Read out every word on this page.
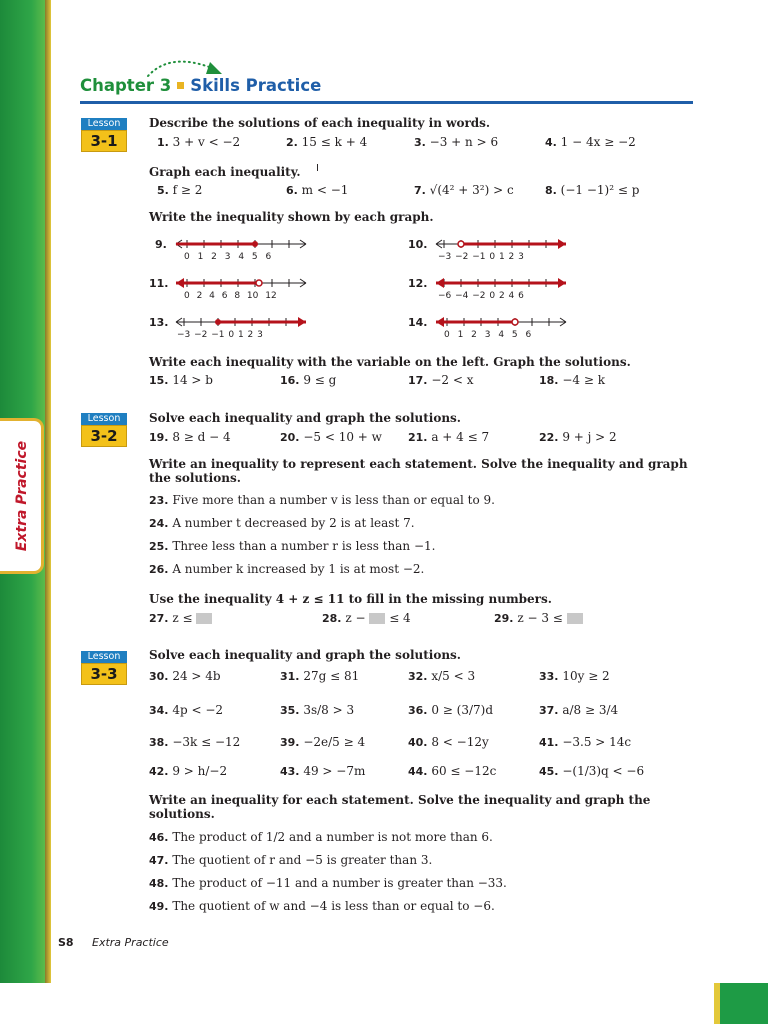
Extra Practice
Chapter 3 Skills Practice
Lesson
3-1
Lesson
3-2
Lesson
3-3
Describe the solutions of each inequality in words.
1. 3 + v < −2	2. 15 ≤ k + 4	3. −3 + n > 6	4. 1 − 4x ≥ −2
Graph each inequality. I
5. f ≥ 2	6. m < −1	7. √(4² + 3²) > c	8. (−1 −1)² ≤ p
Write the inequality shown by each graph.
9.
0 1 2 3 4 5 6
10.
−3 −2 −1 0 1 2 3
11.
0 2 4 6 8 10 12
12.
−6 −4 −2 0 2 4 6
13.
−3 −2 −1 0 1 2 3
14.
0 1 2 3 4 5 6
Write each inequality with the variable on the left. Graph the solutions.
15. 14 > b	16. 9 ≤ g	17. −2 < x	18. −4 ≥ k
Solve each inequality and graph the solutions.
19. 8 ≥ d − 4	20. −5 < 10 + w 21. a + 4 ≤ 7	22. 9 + j > 2
Write an inequality to represent each statement. Solve the inequality and graph
the solutions.
23. Five more than a number v is less than or equal to 9.
24. A number t decreased by 2 is at least 7.
25. Three less than a number r is less than −1.
26. A number k increased by 1 is at most −2.
Use the inequality 4 + z ≤ 11 to fill in the missing numbers.
27. z ≤	28. z − ≤ 4	29. z − 3 ≤
Solve each inequality and graph the solutions.
30. 24 > 4b	31. 27g ≤ 81	32. x/5 < 3	33. 10y ≥ 2
34. 4p < −2	35. 3s/8 > 3	36. 0 ≥ (3/7)d	37. a/8 ≥ 3/4
38. −3k ≤ −12	39. −2e/5 ≥ 4	40. 8 < −12y	41. −3.5 > 14c
42. 9 > h/−2	43. 49 > −7m	44. 60 ≤ −12c	45. −(1/3)q < −6
Write an inequality for each statement. Solve the inequality and graph the
solutions.
46. The product of 1/2 and a number is not more than 6.
47. The quotient of r and −5 is greater than 3.
48. The product of −11 and a number is greater than −33.
49. The quotient of w and −4 is less than or equal to −6.
S8 Extra Practice
